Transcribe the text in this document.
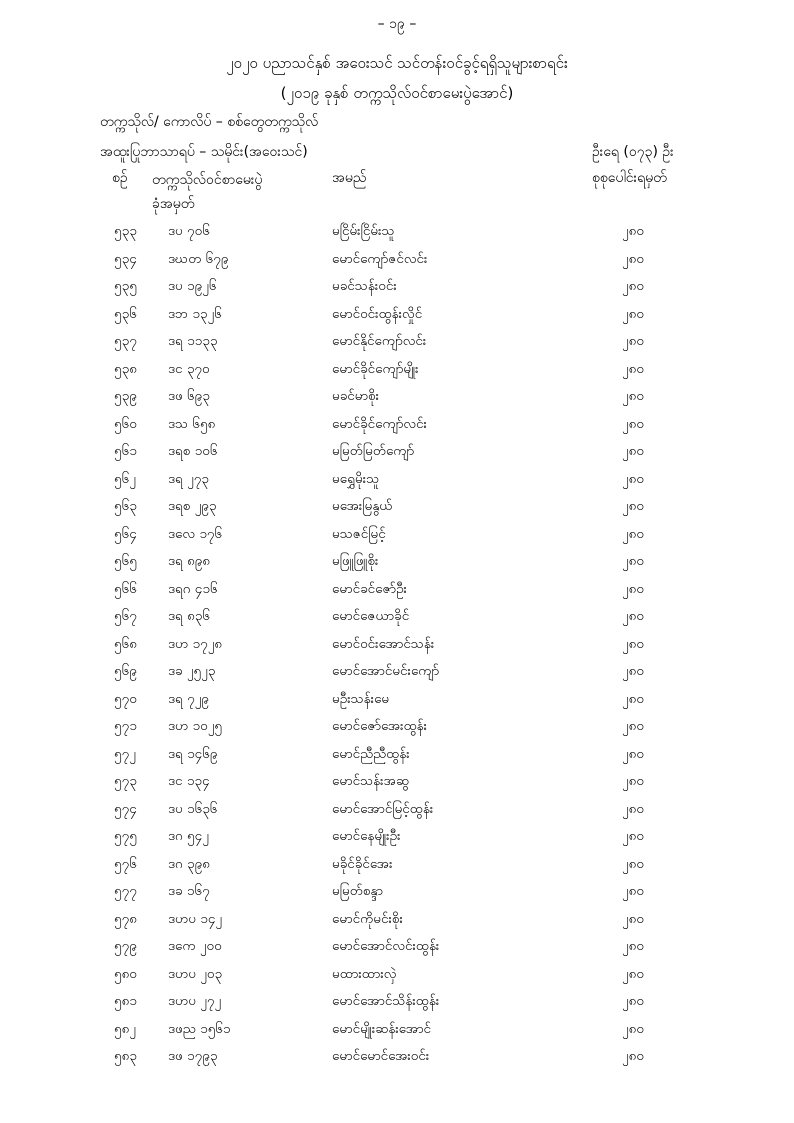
– ၁၉ –
၂၀၂၀ ပညာသင်နှစ် အဝေးသင် သင်တန်းဝင်ခွင့်ရရှိသူများစာရင်း
(၂၀၁၉ ခုနှစ် တက္ကသိုလ်ဝင်စာမေးပွဲအောင်)
တက္ကသိုလ်/ ကောလိပ် – စစ်တွေတက္ကသိုလ်
အထူးပြုဘာသာရပ် – သမိုင်း(အဝေးသင်)	ဦးရေ (၀၇၃) ဦး
စဉ် တက္ကသိုလ်ဝင်စာမေးပွဲ
ခုံအမှတ်
အမည်	စုစုပေါင်းရမှတ်
၅၃၃ ဒပ ၇၀၆	မငြိမ်းငြိမ်းသူ	၂၈၀
၅၃၄ ဒဃတ ၆၇၉	မောင်ကျော်ဇင်လင်း	၂၈၀
၅၃၅ ဒပ ၁၉၂၆	မခင်သန်းဝင်း	၂၈၀
၅၃၆ ဒဘ ၁၃၂၆	မောင်ဝင်းထွန်းလှိုင်	၂၈၀
၅၃၇ ဒရ ၁၁၃၃	မောင်နိုင်ကျော်လင်း	၂၈၀
၅၃၈ ဒင ၃၇၀	မောင်ခိုင်ကျော်မျိုး	၂၈၀
၅၃၉ ဒဖ ၆၉၃	မခင်မာစိုး	၂၈၀
၅၆၀ ဒသ ၆၅၈	မောင်ခိုင်ကျော်လင်း	၂၈၀
၅၆၁ ဒရစ ၁၀၆	မမြတ်မြတ်ကျော်	၂၈၀
၅၆၂ ဒရ ၂၇၃	မရွှေမိုးသူ	၂၈၀
၅၆၃ ဒရစ ၂၉၃	မအေးမြနွယ်	၂၈၀
၅၆၄ ဒလေ ၁၇၆	မသဇင်မြင့်	၂၈၀
၅၆၅ ဒရ ၈၉၈	မဖြူဖြူစိုး	၂၈၀
၅၆၆ ဒရဂ ၄၁၆	မောင်ခင်ဇော်ဦး	၂၈၀
၅၆၇ ဒရ ၈၃၆	မောင်ဇေယာခိုင်	၂၈၀
၅၆၈ ဒဟ ၁၇၂၈	မောင်ဝင်းအောင်သန်း	၂၈၀
၅၆၉ ဒခ ၂၅၂၃	မောင်အောင်မင်းကျော်	၂၈၀
၅၇၀ ဒရ ၇၂၉	မဦးသန်းမေ	၂၈၀
၅၇၁ ဒဟ ၁၀၂၅	မောင်ဇော်အေးထွန်း	၂၈၀
၅၇၂ ဒရ ၁၄၆၉	မောင်ညီညီထွန်း	၂၈၀
၅၇၃ ဒင ၁၃၄	မောင်သန်းအဆွ	၂၈၀
၅၇၄ ဒပ ၁၆၃၆	မောင်အောင်မြင့်ထွန်း	၂၈၀
၅၇၅ ဒဂ ၅၄၂	မောင်နေမျိုးဦး	၂၈၀
၅၇၆ ဒဂ ၃၉၈	မခိုင်ခိုင်အေး	၂၈၀
၅၇၇ ဒခ ၁၆၇	မမြတ်စန္ဒာ	၂၈၀
၅၇၈ ဒဟပ ၁၄၂	မောင်ကိုမင်းစိုး	၂၈၀
၅၇၉ ဒကေ ၂၀၀	မောင်အောင်လင်းထွန်း	၂၈၀
၅၈၀ ဒဟပ ၂၀၃	မထားထားလှဲ	၂၈၀
၅၈၁ ဒဟပ ၂၇၂	မောင်အောင်သိန်းထွန်း	၂၈၀
၅၈၂ ဒဖည ၁၅၆၁	မောင်မျိုးဆန်းအောင်	၂၈၀
၅၈၃ ဒဖ ၁၇၉၃	မောင်မောင်အေးဝင်း	၂၈၀
